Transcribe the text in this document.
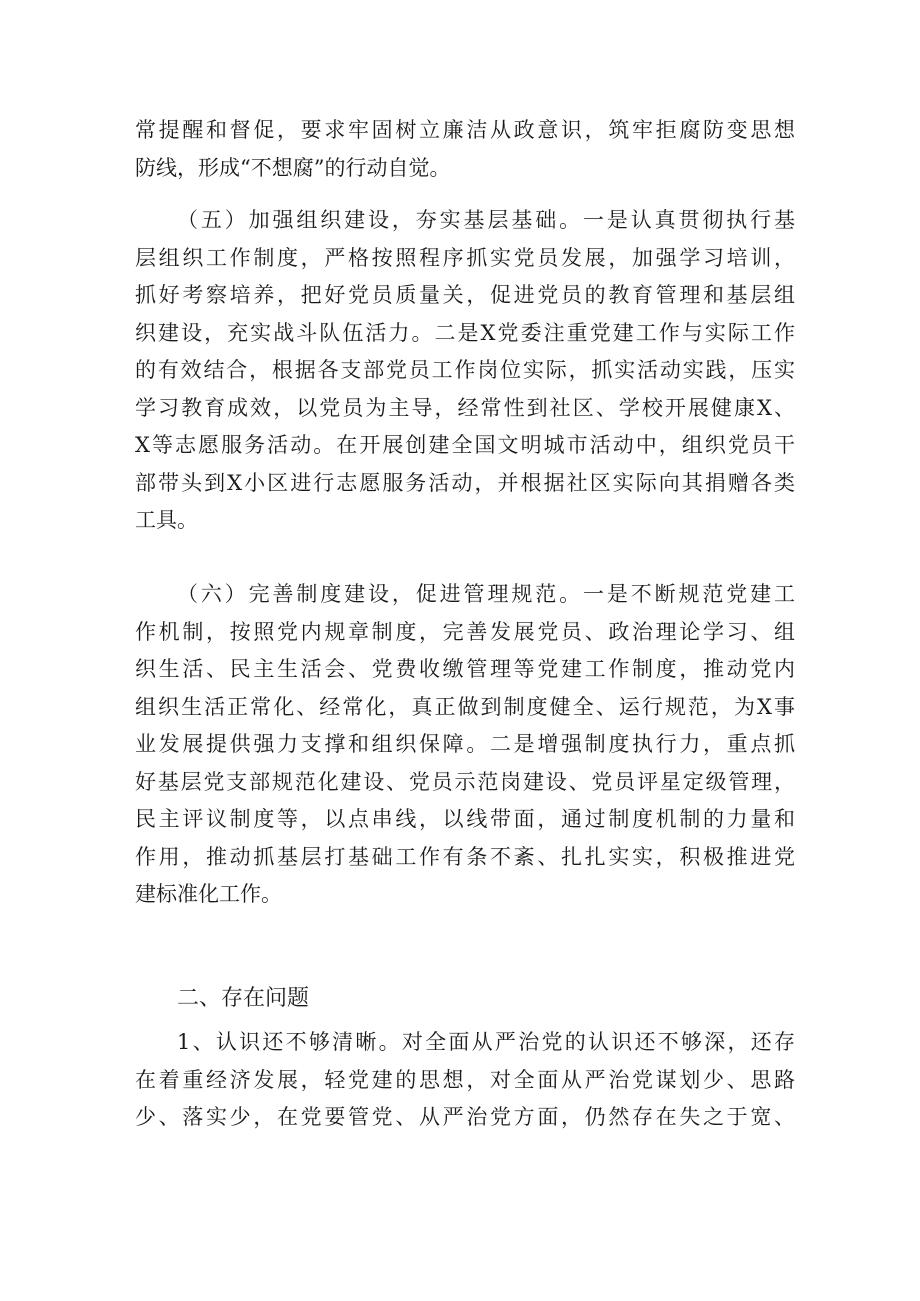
常提醒和督促，要求牢固树立廉洁从政意识，筑牢拒腐防变思想
防线，形成“不想腐”的行动自觉。
（五）加强组织建设，夯实基层基础。一是认真贯彻执行基
层组织工作制度，严格按照程序抓实党员发展，加强学习培训，
抓好考察培养，把好党员质量关，促进党员的教育管理和基层组
织建设，充实战斗队伍活力。二是X党委注重党建工作与实际工作
的有效结合，根据各支部党员工作岗位实际，抓实活动实践，压实
学习教育成效，以党员为主导，经常性到社区、学校开展健康X、
X等志愿服务活动。在开展创建全国文明城市活动中，组织党员干
部带头到X小区进行志愿服务活动，并根据社区实际向其捐赠各类
工具。
（六）完善制度建设，促进管理规范。一是不断规范党建工
作机制，按照党内规章制度，完善发展党员、政治理论学习、组
织生活、民主生活会、党费收缴管理等党建工作制度，推动党内
组织生活正常化、经常化，真正做到制度健全、运行规范，为X事
业发展提供强力支撑和组织保障。二是增强制度执行力，重点抓
好基层党支部规范化建设、党员示范岗建设、党员评星定级管理，
民主评议制度等，以点串线，以线带面，通过制度机制的力量和
作用，推动抓基层打基础工作有条不紊、扎扎实实，积极推进党
建标准化工作。
二、存在问题
1、认识还不够清晰。对全面从严治党的认识还不够深，还存
在着重经济发展，轻党建的思想，对全面从严治党谋划少、思路
少、落实少，在党要管党、从严治党方面，仍然存在失之于宽、
